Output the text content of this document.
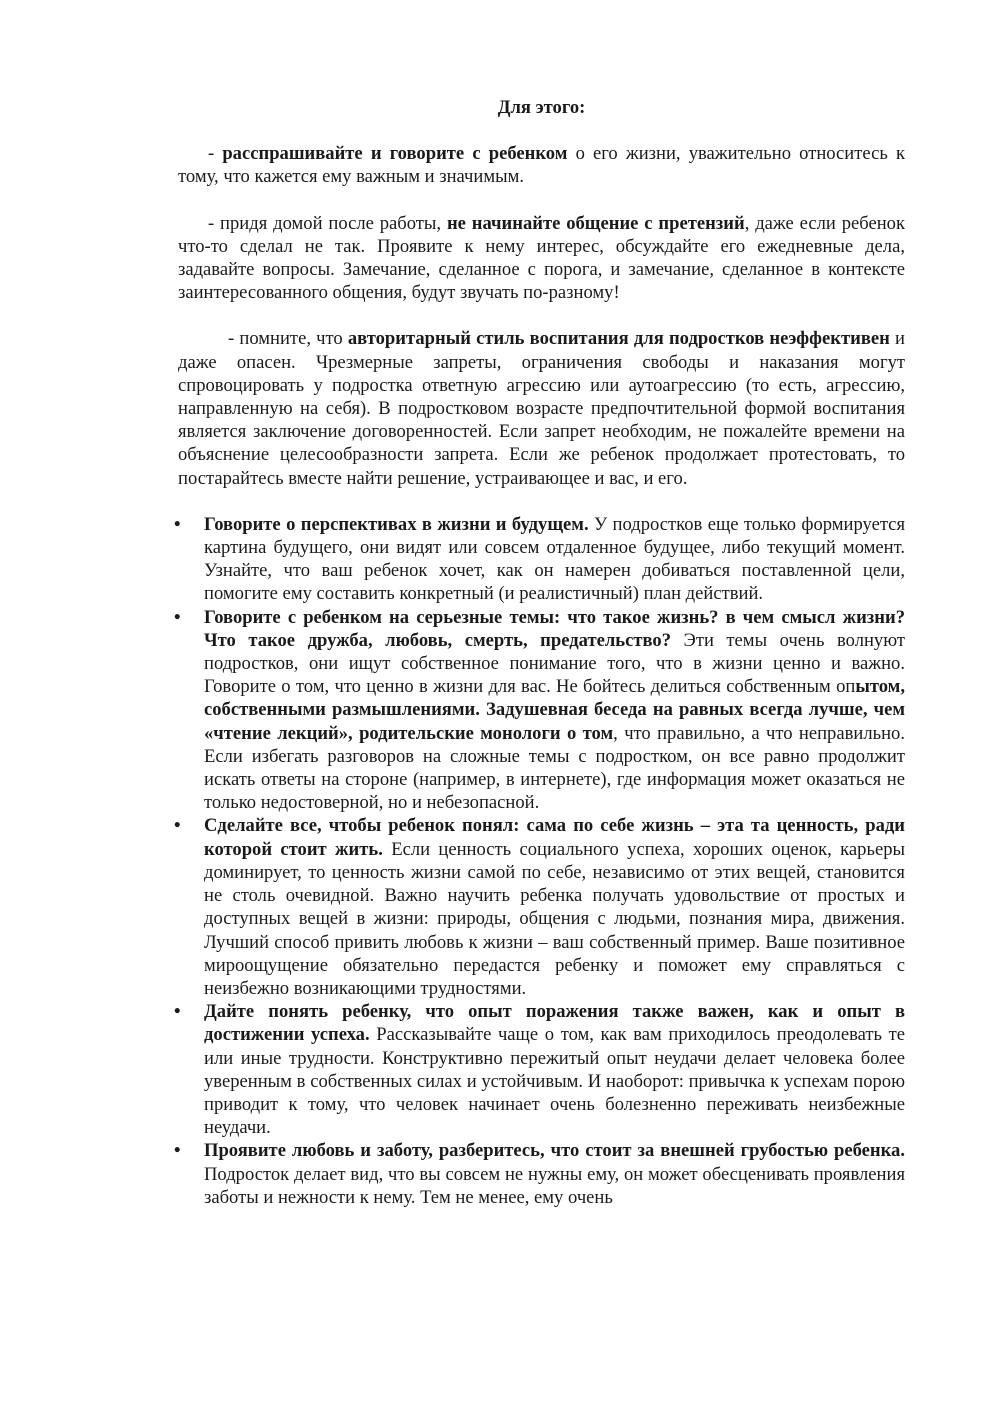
Для этого:

- расспрашивайте и говорите с ребенком о его жизни, уважительно относитесь к тому, что кажется ему важным и значимым.

- придя домой после работы, не начинайте общение с претензий, даже если ребенок что-то сделал не так. Проявите к нему интерес, обсуждайте его ежедневные дела, задавайте вопросы. Замечание, сделанное с порога, и замечание, сделанное в контексте заинтересованного общения, будут звучать по-разному!

- помните, что авторитарный стиль воспитания для подростков неэффективен и даже опасен. Чрезмерные запреты, ограничения свободы и наказания могут спровоцировать у подростка ответную агрессию или аутоагрессию (то есть, агрессию, направленную на себя). В подростковом возрасте предпочтительной формой воспитания является заключение договоренностей. Если запрет необходим, не пожалейте времени на объяснение целесообразности запрета. Если же ребенок продолжает протестовать, то постарайтесь вместе найти решение, устраивающее и вас, и его.

• Говорите о перспективах в жизни и будущем. У подростков еще только формируется картина будущего, они видят или совсем отдаленное будущее, либо текущий момент. Узнайте, что ваш ребенок хочет, как он намерен добиваться поставленной цели, помогите ему составить конкретный (и реалистичный) план действий.
• Говорите с ребенком на серьезные темы: что такое жизнь? в чем смысл жизни? Что такое дружба, любовь, смерть, предательство? Эти темы очень волнуют подростков, они ищут собственное понимание того, что в жизни ценно и важно. Говорите о том, что ценно в жизни для вас. Не бойтесь делиться собственным опытом, собственными размышлениями. Задушевная беседа на равных всегда лучше, чем «чтение лекций», родительские монологи о том, что правильно, а что неправильно. Если избегать разговоров на сложные темы с подростком, он все равно продолжит искать ответы на стороне (например, в интернете), где информация может оказаться не только недостоверной, но и небезопасной.
• Сделайте все, чтобы ребенок понял: сама по себе жизнь – эта та ценность, ради которой стоит жить. Если ценность социального успеха, хороших оценок, карьеры доминирует, то ценность жизни самой по себе, независимо от этих вещей, становится не столь очевидной. Важно научить ребенка получать удовольствие от простых и доступных вещей в жизни: природы, общения с людьми, познания мира, движения. Лучший способ привить любовь к жизни – ваш собственный пример. Ваше позитивное мироощущение обязательно передастся ребенку и поможет ему справляться с неизбежно возникающими трудностями.
• Дайте понять ребенку, что опыт поражения также важен, как и опыт в достижении успеха. Рассказывайте чаще о том, как вам приходилось преодолевать те или иные трудности. Конструктивно пережитый опыт неудачи делает человека более уверенным в собственных силах и устойчивым. И наоборот: привычка к успехам порою приводит к тому, что человек начинает очень болезненно переживать неизбежные неудачи.
• Проявите любовь и заботу, разберитесь, что стоит за внешней грубостью ребенка. Подросток делает вид, что вы совсем не нужны ему, он может обесценивать проявления заботы и нежности к нему. Тем не менее, ему очень
